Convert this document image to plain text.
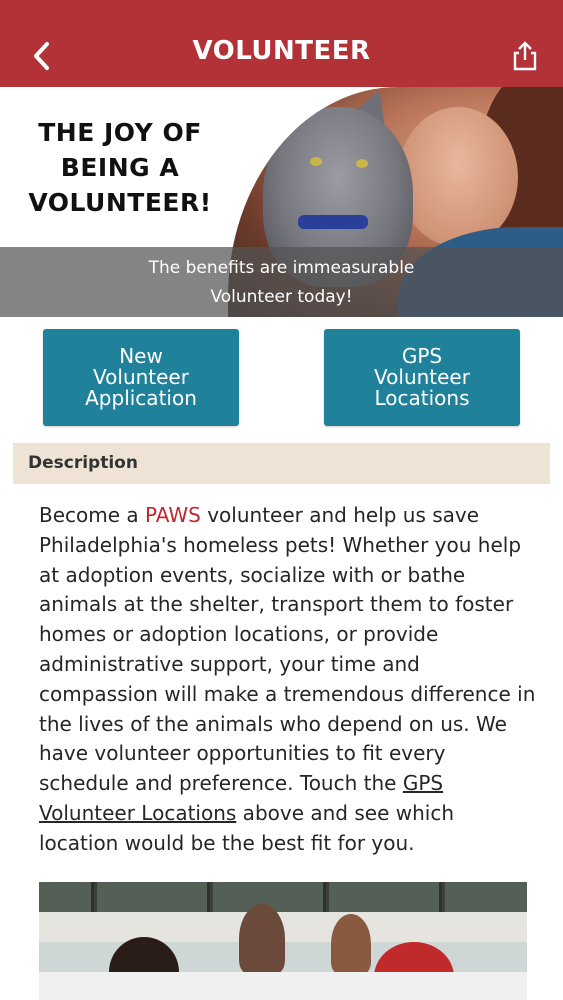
VOLUNTEER
THE JOY OF
BEING A
VOLUNTEER!
The benefits are immeasurable
Volunteer today!
New
Volunteer
Application
GPS
Volunteer
Locations
Description
Become a PAWS volunteer and help us save Philadelphia's homeless pets! Whether you help at adoption events, socialize with or bathe animals at the shelter, transport them to foster homes or adoption locations, or provide administrative support, your time and compassion will make a tremendous difference in the lives of the animals who depend on us. We have volunteer opportunities to fit every schedule and preference. Touch the GPS Volunteer Locations above and see which location would be the best fit for you.
